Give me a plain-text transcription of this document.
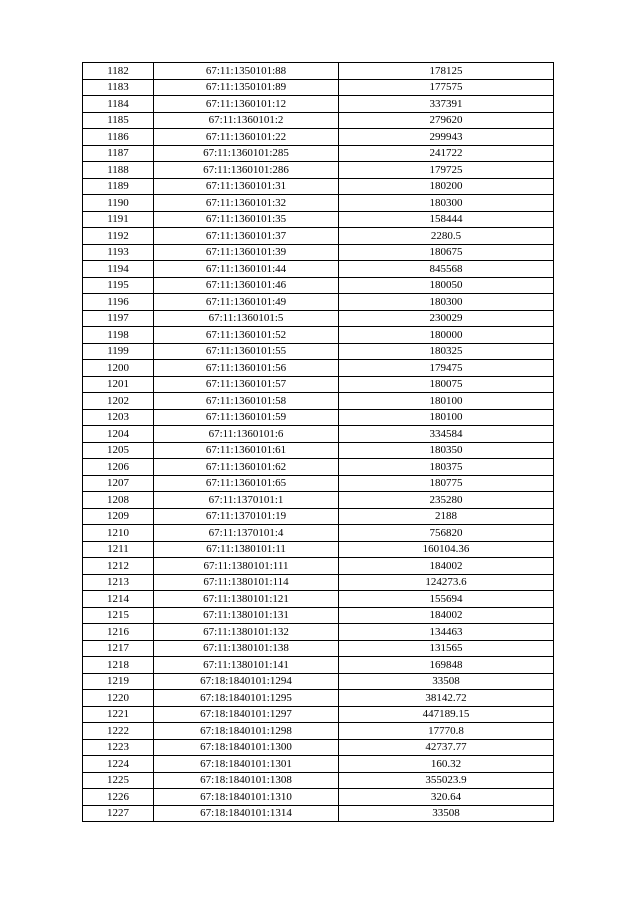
1182	67:11:1350101:88	178125
1183	67:11:1350101:89	177575
1184	67:11:1360101:12	337391
1185	67:11:1360101:2	279620
1186	67:11:1360101:22	299943
1187	67:11:1360101:285	241722
1188	67:11:1360101:286	179725
1189	67:11:1360101:31	180200
1190	67:11:1360101:32	180300
1191	67:11:1360101:35	158444
1192	67:11:1360101:37	2280.5
1193	67:11:1360101:39	180675
1194	67:11:1360101:44	845568
1195	67:11:1360101:46	180050
1196	67:11:1360101:49	180300
1197	67:11:1360101:5	230029
1198	67:11:1360101:52	180000
1199	67:11:1360101:55	180325
1200	67:11:1360101:56	179475
1201	67:11:1360101:57	180075
1202	67:11:1360101:58	180100
1203	67:11:1360101:59	180100
1204	67:11:1360101:6	334584
1205	67:11:1360101:61	180350
1206	67:11:1360101:62	180375
1207	67:11:1360101:65	180775
1208	67:11:1370101:1	235280
1209	67:11:1370101:19	2188
1210	67:11:1370101:4	756820
1211	67:11:1380101:11	160104.36
1212	67:11:1380101:111	184002
1213	67:11:1380101:114	124273.6
1214	67:11:1380101:121	155694
1215	67:11:1380101:131	184002
1216	67:11:1380101:132	134463
1217	67:11:1380101:138	131565
1218	67:11:1380101:141	169848
1219	67:18:1840101:1294	33508
1220	67:18:1840101:1295	38142.72
1221	67:18:1840101:1297	447189.15
1222	67:18:1840101:1298	17770.8
1223	67:18:1840101:1300	42737.77
1224	67:18:1840101:1301	160.32
1225	67:18:1840101:1308	355023.9
1226	67:18:1840101:1310	320.64
1227	67:18:1840101:1314	33508
